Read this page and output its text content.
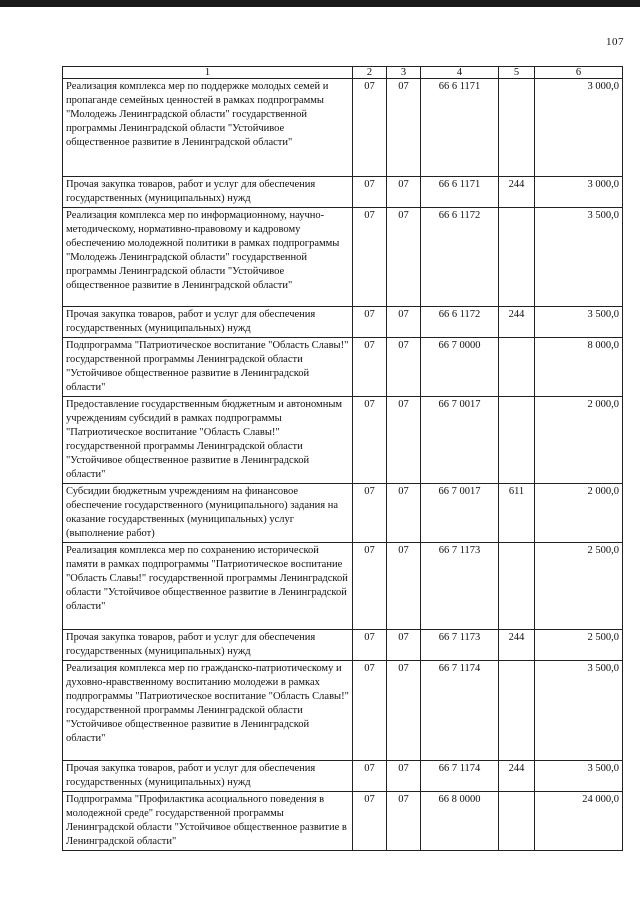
107
1	2	3	4	5	6
Реализация комплекса мер по поддержке молодых семей и пропаганде семейных ценностей в рамках подпрограммы "Молодежь Ленинградской области" государственной программы Ленинградской области "Устойчивое общественное развитие в Ленинградской области"	07	07	66 6 1171		3 000,0
Прочая закупка товаров, работ и услуг для обеспечения государственных (муниципальных) нужд	07	07	66 6 1171	244	3 000,0
Реализация комплекса мер по информационному, научно-методическому, нормативно-правовому и кадровому обеспечению молодежной политики в рамках подпрограммы "Молодежь Ленинградской области" государственной программы Ленинградской области "Устойчивое общественное развитие в Ленинградской области"	07	07	66 6 1172		3 500,0
Прочая закупка товаров, работ и услуг для обеспечения государственных (муниципальных) нужд	07	07	66 6 1172	244	3 500,0
Подпрограмма "Патриотическое воспитание "Область Славы!" государственной программы Ленинградской области "Устойчивое общественное развитие в Ленинградской области"	07	07	66 7 0000		8 000,0
Предоставление государственным бюджетным и автономным учреждениям субсидий в рамках подпрограммы "Патриотическое воспитание "Область Славы!" государственной программы Ленинградской области "Устойчивое общественное развитие в Ленинградской области"	07	07	66 7 0017		2 000,0
Субсидии бюджетным учреждениям на финансовое обеспечение государственного (муниципального) задания на оказание государственных (муниципальных) услуг (выполнение работ)	07	07	66 7 0017	611	2 000,0
Реализация комплекса мер по сохранению исторической памяти в рамках подпрограммы "Патриотическое воспитание "Область Славы!" государственной программы Ленинградской области "Устойчивое общественное развитие в Ленинградской области"	07	07	66 7 1173		2 500,0
Прочая закупка товаров, работ и услуг для обеспечения государственных (муниципальных) нужд	07	07	66 7 1173	244	2 500,0
Реализация комплекса мер по гражданско-патриотическому и духовно-нравственному воспитанию молодежи в рамках подпрограммы "Патриотическое воспитание "Область Славы!" государственной программы Ленинградской области "Устойчивое общественное развитие в Ленинградской области"	07	07	66 7 1174		3 500,0
Прочая закупка товаров, работ и услуг для обеспечения государственных (муниципальных) нужд	07	07	66 7 1174	244	3 500,0
Подпрограмма "Профилактика асоциального поведения в молодежной среде" государственной программы Ленинградской области "Устойчивое общественное развитие в Ленинградской области"	07	07	66 8 0000		24 000,0
